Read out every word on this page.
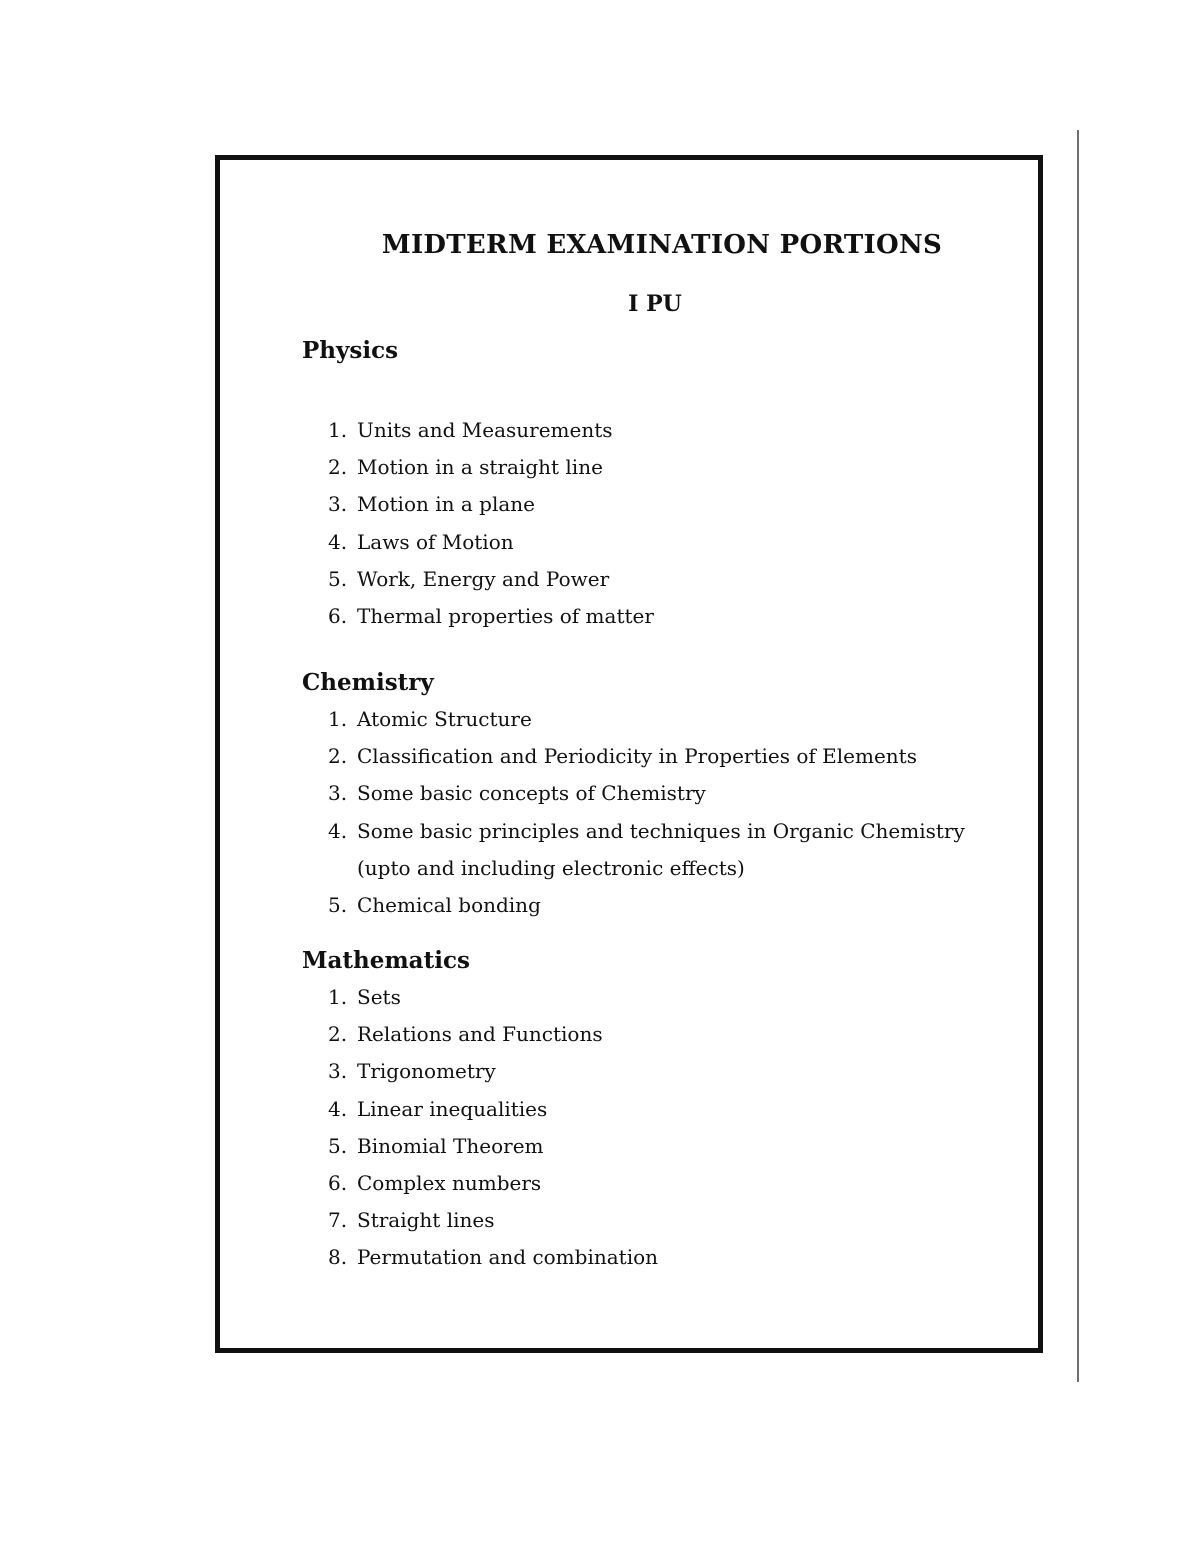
MIDTERM EXAMINATION PORTIONS
I PU
Physics
1. Units and Measurements
2. Motion in a straight line
3. Motion in a plane
4. Laws of Motion
5. Work, Energy and Power
6. Thermal properties of matter
Chemistry
1. Atomic Structure
2. Classification and Periodicity in Properties of Elements
3. Some basic concepts of Chemistry
4. Some basic principles and techniques in Organic Chemistry (upto and including electronic effects)
5. Chemical bonding
Mathematics
1. Sets
2. Relations and Functions
3. Trigonometry
4. Linear inequalities
5. Binomial Theorem
6. Complex numbers
7. Straight lines
8. Permutation and combination
